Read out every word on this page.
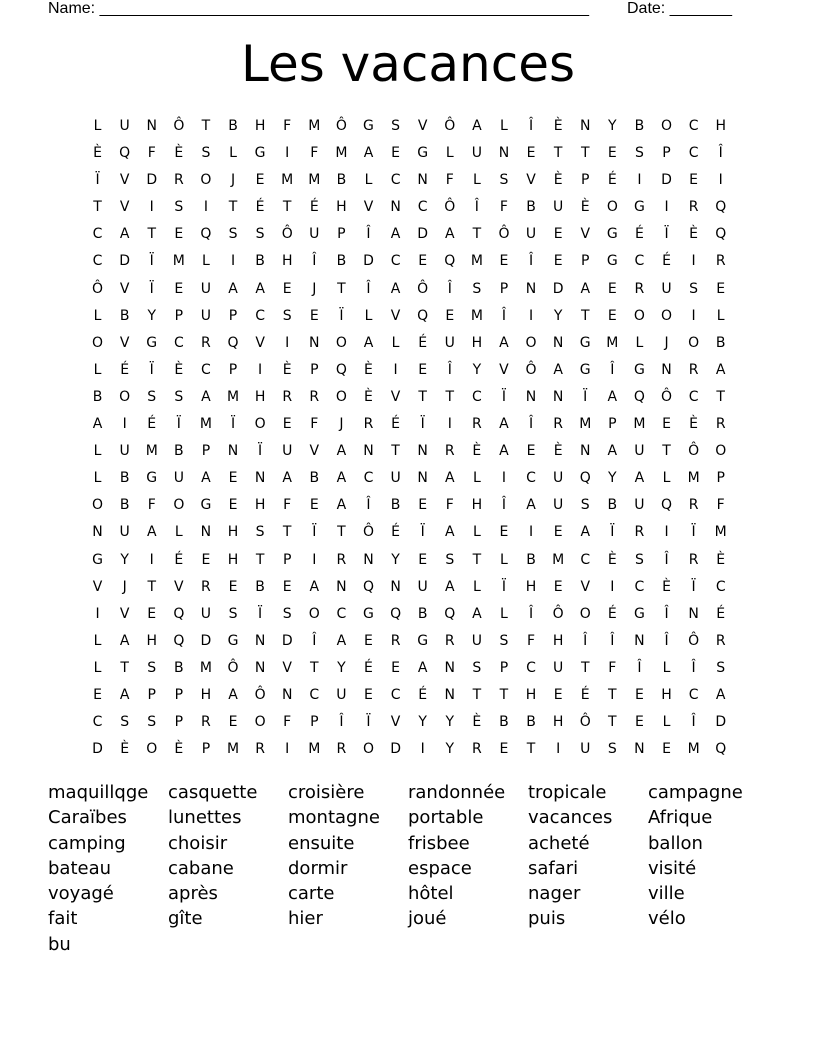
Name: _______________________________________________________ Date: _______
Les vacances
L	U	N	Ô	T	B	H	F	M	Ô	G	S	V	Ô	A	L	Î	È	N	Y	B	O	C	H
È	Q	F	È	S	L	G	I	F	M	A	E	G	L	U	N	E	T	T	E	S	P	C	Î
Ï	V	D	R	O	J	E	M	M	B	L	C	N	F	L	S	V	È	P	É	I	D	E	I
T	V	I	S	I	T	É	T	É	H	V	N	C	Ô	Î	F	B	U	È	O	G	I	R	Q
C	A	T	E	Q	S	S	Ô	U	P	Î	A	D	A	T	Ô	U	E	V	G	É	Ï	È	Q
C	D	Ï	M	L	I	B	H	Î	B	D	C	E	Q	M	E	Î	E	P	G	C	É	I	R
Ô	V	Ï	E	U	A	A	E	J	T	Î	A	Ô	Î	S	P	N	D	A	E	R	U	S	E
L	B	Y	P	U	P	C	S	E	Ï	L	V	Q	E	M	Î	I	Y	T	E	O	O	I	L
O	V	G	C	R	Q	V	I	N	O	A	L	É	U	H	A	O	N	G	M	L	J	O	B
L	É	Ï	È	C	P	I	È	P	Q	È	I	E	Î	Y	V	Ô	A	G	Î	G	N	R	A
B	O	S	S	A	M	H	R	R	O	È	V	T	T	C	Ï	N	N	Ï	A	Q	Ô	C	T
A	I	É	Ï	M	Ï	O	E	F	J	R	É	Ï	I	R	A	Î	R	M	P	M	E	È	R
L	U	M	B	P	N	Ï	U	V	A	N	T	N	R	È	A	E	È	N	A	U	T	Ô	O
L	B	G	U	A	E	N	A	B	A	C	U	N	A	L	I	C	U	Q	Y	A	L	M	P
O	B	F	O	G	E	H	F	E	A	Î	B	E	F	H	Î	A	U	S	B	U	Q	R	F
N	U	A	L	N	H	S	T	Ï	T	Ô	É	Ï	A	L	E	I	E	A	Ï	R	I	Ï	M
G	Y	I	É	E	H	T	P	I	R	N	Y	E	S	T	L	B	M	C	È	S	Î	R	È
V	J	T	V	R	E	B	E	A	N	Q	N	U	A	L	Ï	H	E	V	I	C	È	Ï	C
I	V	E	Q	U	S	Ï	S	O	C	G	Q	B	Q	A	L	Î	Ô	O	É	G	Î	N	É
L	A	H	Q	D	G	N	D	Î	A	E	R	G	R	U	S	F	H	Î	Î	N	Î	Ô	R
L	T	S	B	M	Ô	N	V	T	Y	É	E	A	N	S	P	C	U	T	F	Î	L	Î	S
E	A	P	P	H	A	Ô	N	C	U	E	C	É	N	T	T	H	E	É	T	E	H	C	A
C	S	S	P	R	E	O	F	P	Î	Ï	V	Y	Y	È	B	B	H	Ô	T	E	L	Î	D
D	È	O	È	P	M	R	I	M	R	O	D	I	Y	R	E	T	I	U	S	N	E	M	Q
maquillqge	casquette	croisière	randonnée	tropicale	campagne
Caraïbes	lunettes	montagne	portable	vacances	Afrique
camping	choisir	ensuite	frisbee	acheté	ballon
bateau	cabane	dormir	espace	safari	visité
voyagé	après	carte	hôtel	nager	ville
fait	gîte	hier	joué	puis	vélo
bu
